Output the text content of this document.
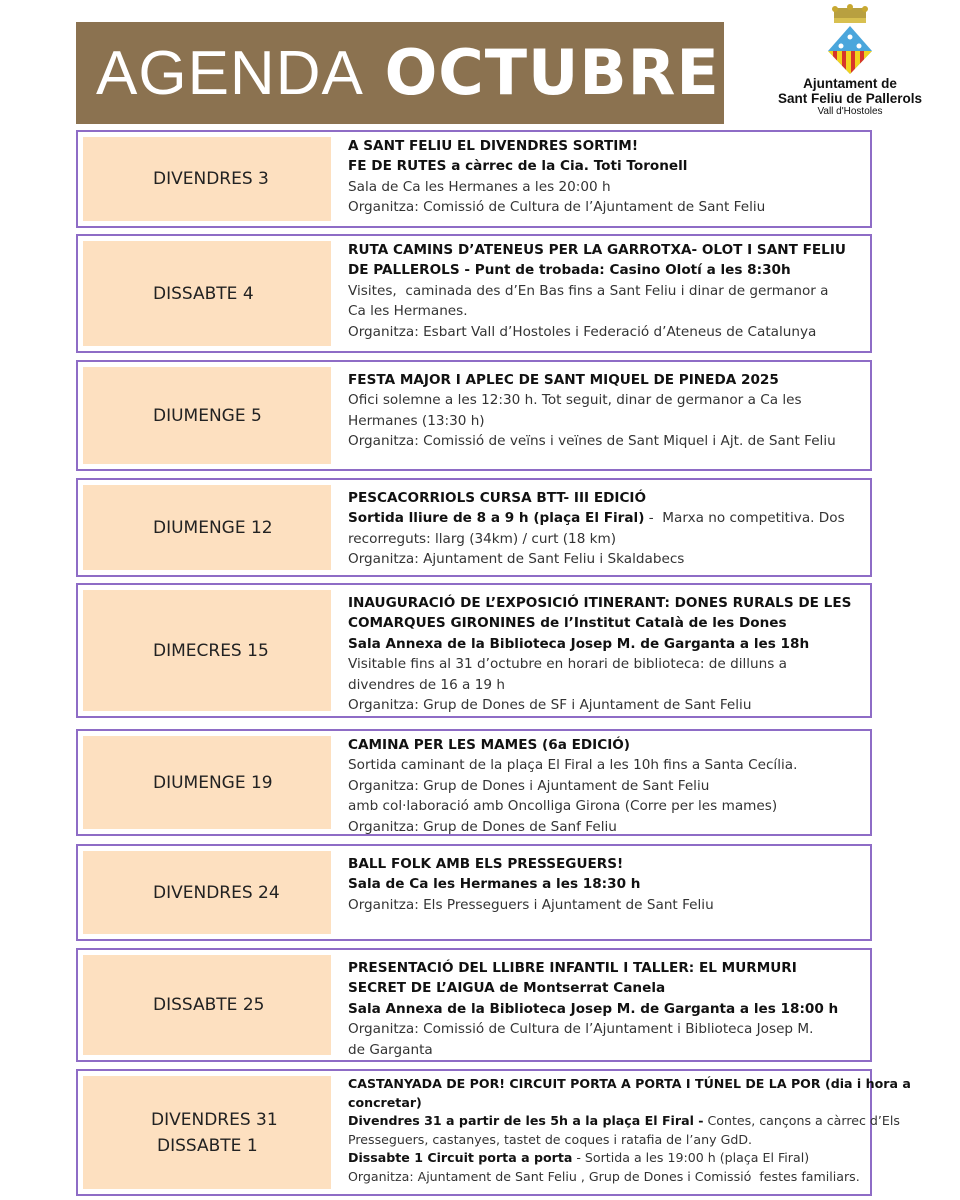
AGENDA OCTUBRE	Ajuntament de
Sant Feliu de Pallerols
Vall d'Hostoles
DIVENDRES 3
A SANT FELIU EL DIVENDRES SORTIM!
FE DE RUTES a càrrec de la Cia. Toti Toronell
Sala de Ca les Hermanes a les 20:00 h
Organitza: Comissió de Cultura de l’Ajuntament de Sant Feliu
DISSABTE 4
RUTA CAMINS D’ATENEUS PER LA GARROTXA- OLOT I SANT FELIU
DE PALLEROLS - Punt de trobada: Casino Olotí a les 8:30h
Visites,  caminada des d’En Bas fins a Sant Feliu i dinar de germanor a
Ca les Hermanes.
Organitza: Esbart Vall d’Hostoles i Federació d’Ateneus de Catalunya
DIUMENGE 5
FESTA MAJOR I APLEC DE SANT MIQUEL DE PINEDA 2025
Ofici solemne a les 12:30 h. Tot seguit, dinar de germanor a Ca les
Hermanes (13:30 h)
Organitza: Comissió de veïns i veïnes de Sant Miquel i Ajt. de Sant Feliu
DIUMENGE 12
PESCACORRIOLS CURSA BTT- III EDICIÓ
Sortida lliure de 8 a 9 h (plaça El Firal) -  Marxa no competitiva. Dos
recorreguts: llarg (34km) / curt (18 km)
Organitza: Ajuntament de Sant Feliu i Skaldabecs
DIMECRES 15
INAUGURACIÓ DE L’EXPOSICIÓ ITINERANT: DONES RURALS DE LES
COMARQUES GIRONINES de l’Institut Català de les Dones
Sala Annexa de la Biblioteca Josep M. de Garganta a les 18h
Visitable fins al 31 d’octubre en horari de biblioteca: de dilluns a
divendres de 16 a 19 h
Organitza: Grup de Dones de SF i Ajuntament de Sant Feliu
DIUMENGE 19
CAMINA PER LES MAMES (6a EDICIÓ)
Sortida caminant de la plaça El Firal a les 10h fins a Santa Cecília.
Organitza: Grup de Dones i Ajuntament de Sant Feliu
amb col·laboració amb Oncolliga Girona (Corre per les mames)
Organitza: Grup de Dones de Sanf Feliu
DIVENDRES 24
BALL FOLK AMB ELS PRESSEGUERS!
Sala de Ca les Hermanes a les 18:30 h
Organitza: Els Presseguers i Ajuntament de Sant Feliu
DISSABTE 25
PRESENTACIÓ DEL LLIBRE INFANTIL I TALLER: EL MURMURI
SECRET DE L’AIGUA de Montserrat Canela
Sala Annexa de la Biblioteca Josep M. de Garganta a les 18:00 h
Organitza: Comissió de Cultura de l’Ajuntament i Biblioteca Josep M.
de Garganta
DIVENDRES 31
DISSABTE 1
CASTANYADA DE POR! CIRCUIT PORTA A PORTA I TÚNEL DE LA POR (dia i hora a
concretar)
Divendres 31 a partir de les 5h a la plaça El Firal - Contes, cançons a càrrec d’Els
Presseguers, castanyes, tastet de coques i ratafia de l’any GdD.
Dissabte 1 Circuit porta a porta - Sortida a les 19:00 h (plaça El Firal)
Organitza: Ajuntament de Sant Feliu , Grup de Dones i Comissió  festes familiars.
